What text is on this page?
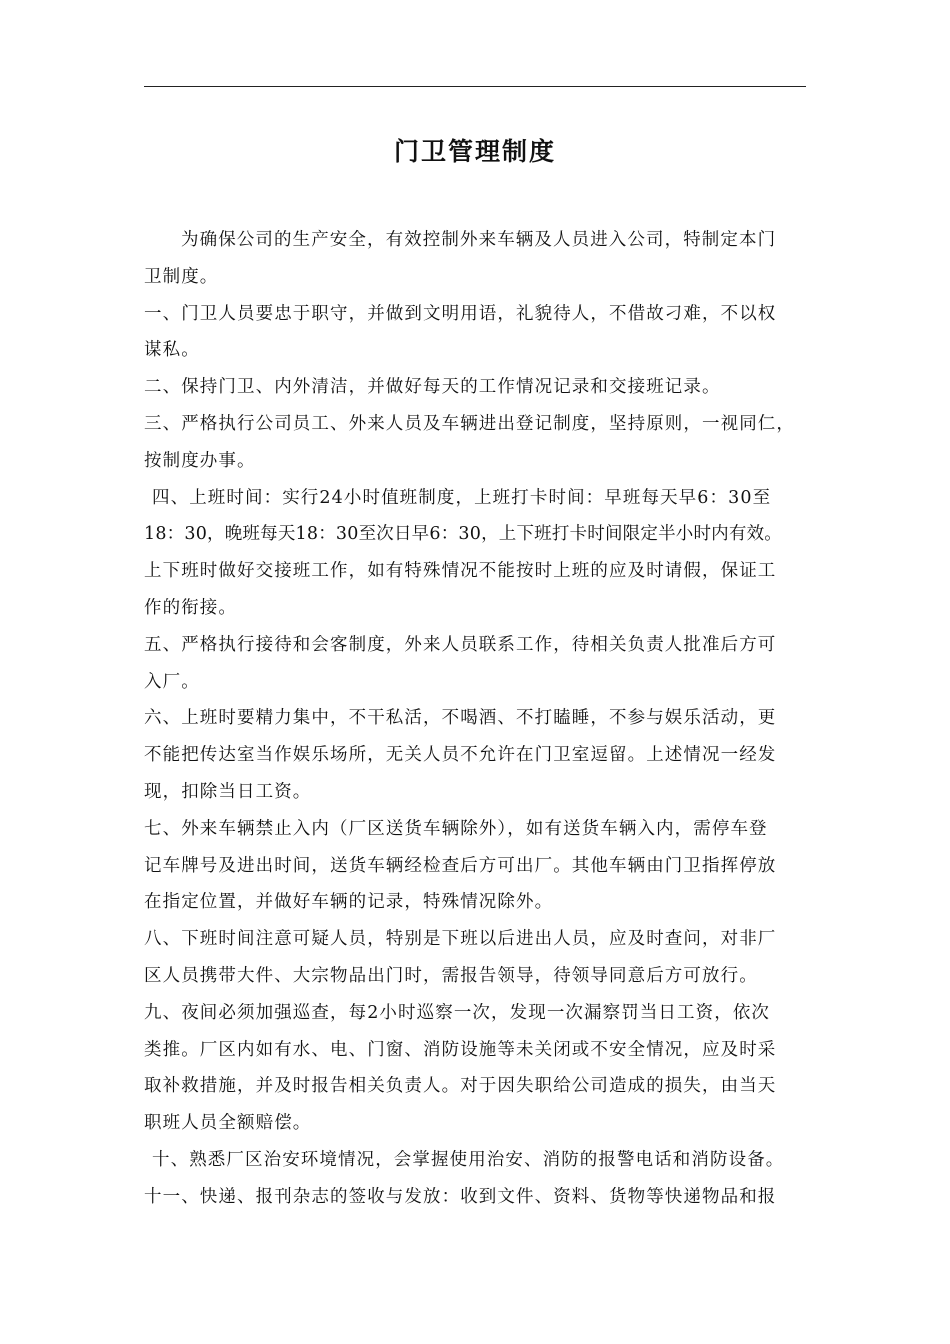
门卫管理制度

为确保公司的生产安全，有效控制外来车辆及人员进入公司，特制定本门
卫制度。

一、门卫人员要忠于职守，并做到文明用语，礼貌待人，不借故刁难，不以权
谋私。

二、保持门卫、内外清洁，并做好每天的工作情况记录和交接班记录。

三、严格执行公司员工、外来人员及车辆进出登记制度，坚持原则，一视同仁，
按制度办事。

四、上班时间：实行24小时值班制度，上班打卡时间：早班每天早6：30至
18：30，晚班每天18：30至次日早6：30，上下班打卡时间限定半小时内有效。
上下班时做好交接班工作，如有特殊情况不能按时上班的应及时请假，保证工
作的衔接。

五、严格执行接待和会客制度，外来人员联系工作，待相关负责人批准后方可
入厂。

六、上班时要精力集中，不干私活，不喝酒、不打瞌睡，不参与娱乐活动，更
不能把传达室当作娱乐场所，无关人员不允许在门卫室逗留。上述情况一经发
现，扣除当日工资。

七、外来车辆禁止入内（厂区送货车辆除外），如有送货车辆入内，需停车登
记车牌号及进出时间，送货车辆经检查后方可出厂。其他车辆由门卫指挥停放
在指定位置，并做好车辆的记录，特殊情况除外。

八、下班时间注意可疑人员，特别是下班以后进出人员，应及时查问，对非厂
区人员携带大件、大宗物品出门时，需报告领导，待领导同意后方可放行。

九、夜间必须加强巡查，每2小时巡察一次，发现一次漏察罚当日工资，依次
类推。厂区内如有水、电、门窗、消防设施等未关闭或不安全情况，应及时采
取补救措施，并及时报告相关负责人。对于因失职给公司造成的损失，由当天
职班人员全额赔偿。

十、熟悉厂区治安环境情况，会掌握使用治安、消防的报警电话和消防设备。

十一、快递、报刊杂志的签收与发放：收到文件、资料、货物等快递物品和报
